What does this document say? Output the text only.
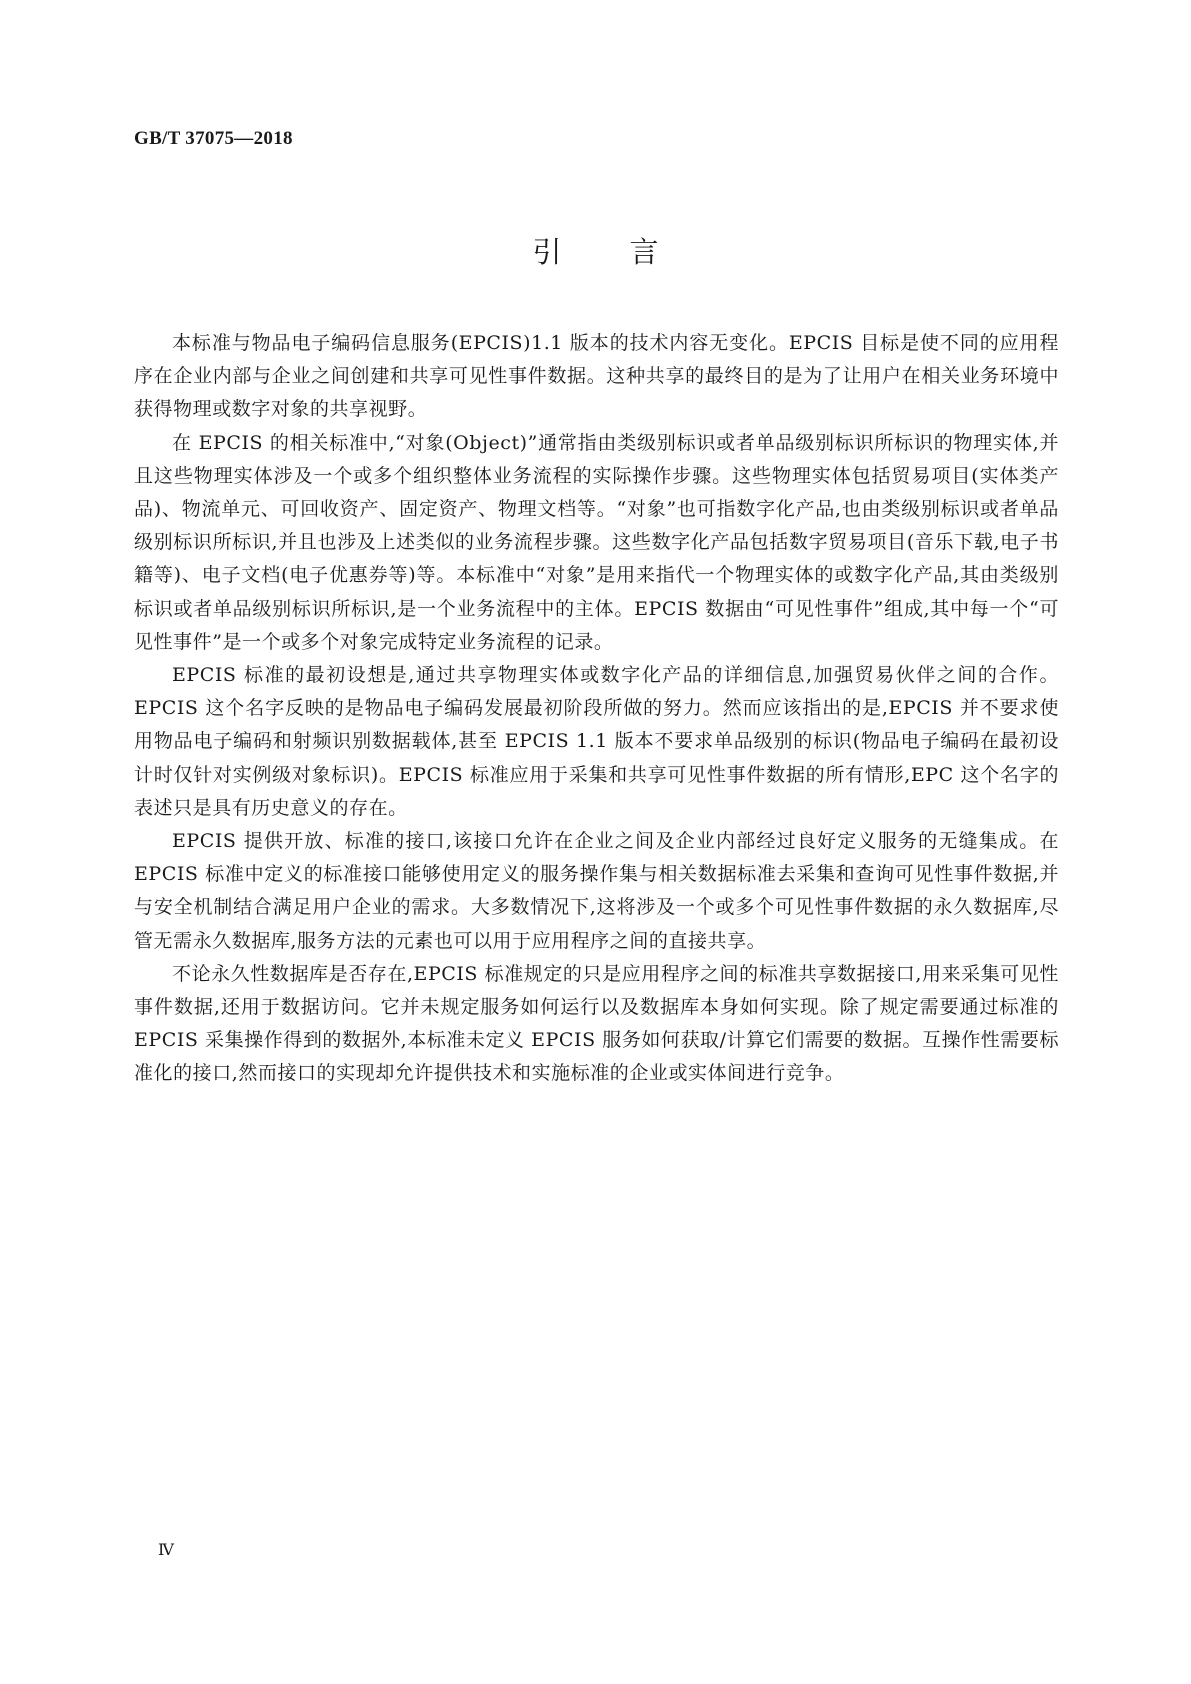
GB/T 37075—2018
引言

本标准与物品电子编码信息服务(EPCIS)1.1 版本的技术内容无变化。EPCIS 目标是使不同的应用程序在企业内部与企业之间创建和共享可见性事件数据。这种共享的最终目的是为了让用户在相关业务环境中获得物理或数字对象的共享视野。

在 EPCIS 的相关标准中,“对象(Object)”通常指由类级别标识或者单品级别标识所标识的物理实体,并且这些物理实体涉及一个或多个组织整体业务流程的实际操作步骤。这些物理实体包括贸易项目(实体类产品)、物流单元、可回收资产、固定资产、物理文档等。“对象”也可指数字化产品,也由类级别标识或者单品级别标识所标识,并且也涉及上述类似的业务流程步骤。这些数字化产品包括数字贸易项目(音乐下载,电子书籍等)、电子文档(电子优惠券等)等。本标准中“对象”是用来指代一个物理实体的或数字化产品,其由类级别标识或者单品级别标识所标识,是一个业务流程中的主体。EPCIS 数据由“可见性事件”组成,其中每一个“可见性事件”是一个或多个对象完成特定业务流程的记录。

EPCIS 标准的最初设想是,通过共享物理实体或数字化产品的详细信息,加强贸易伙伴之间的合作。EPCIS 这个名字反映的是物品电子编码发展最初阶段所做的努力。然而应该指出的是,EPCIS 并不要求使用物品电子编码和射频识别数据载体,甚至 EPCIS 1.1 版本不要求单品级别的标识(物品电子编码在最初设计时仅针对实例级对象标识)。EPCIS 标准应用于采集和共享可见性事件数据的所有情形,EPC 这个名字的表述只是具有历史意义的存在。

EPCIS 提供开放、标准的接口,该接口允许在企业之间及企业内部经过良好定义服务的无缝集成。在 EPCIS 标准中定义的标准接口能够使用定义的服务操作集与相关数据标准去采集和查询可见性事件数据,并与安全机制结合满足用户企业的需求。大多数情况下,这将涉及一个或多个可见性事件数据的永久数据库,尽管无需永久数据库,服务方法的元素也可以用于应用程序之间的直接共享。

不论永久性数据库是否存在,EPCIS 标准规定的只是应用程序之间的标准共享数据接口,用来采集可见性事件数据,还用于数据访问。它并未规定服务如何运行以及数据库本身如何实现。除了规定需要通过标准的 EPCIS 采集操作得到的数据外,本标准未定义 EPCIS 服务如何获取/计算它们需要的数据。互操作性需要标准化的接口,然而接口的实现却允许提供技术和实施标准的企业或实体间进行竞争。

Ⅳ
